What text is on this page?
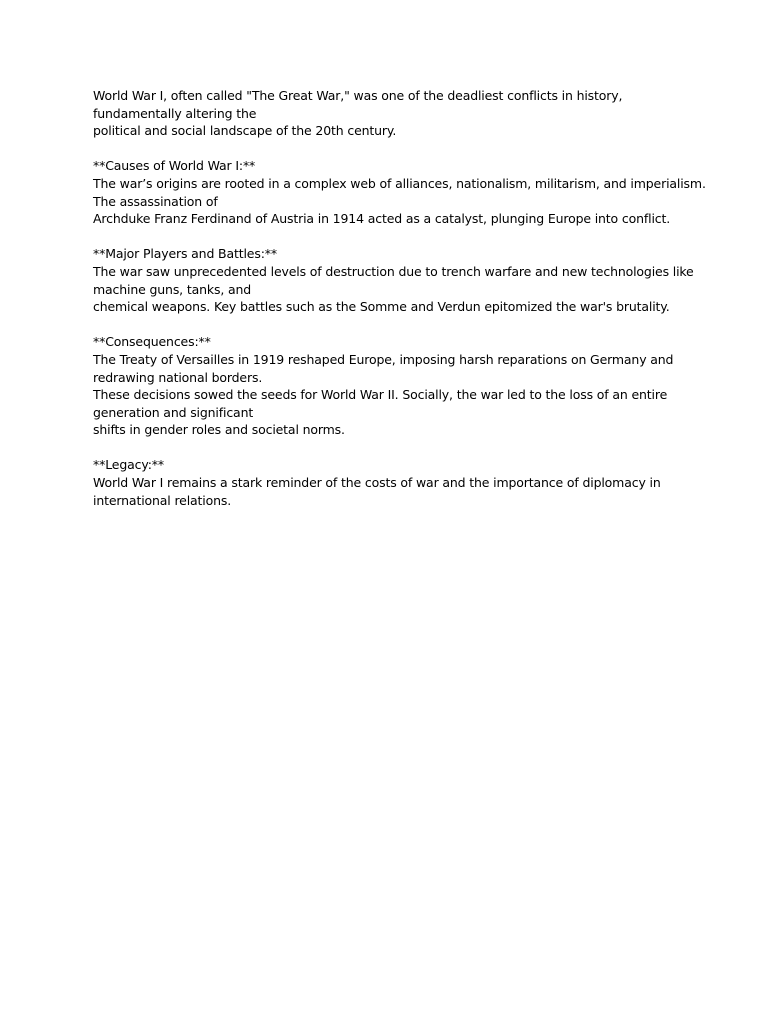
World War I, often called "The Great War," was one of the deadliest conflicts in history,
fundamentally altering the
political and social landscape of the 20th century.
**Causes of World War I:**
The war’s origins are rooted in a complex web of alliances, nationalism, militarism, and imperialism.
The assassination of
Archduke Franz Ferdinand of Austria in 1914 acted as a catalyst, plunging Europe into conflict.
**Major Players and Battles:**
The war saw unprecedented levels of destruction due to trench warfare and new technologies like
machine guns, tanks, and
chemical weapons. Key battles such as the Somme and Verdun epitomized the war's brutality.
**Consequences:**
The Treaty of Versailles in 1919 reshaped Europe, imposing harsh reparations on Germany and
redrawing national borders.
These decisions sowed the seeds for World War II. Socially, the war led to the loss of an entire
generation and significant
shifts in gender roles and societal norms.
**Legacy:**
World War I remains a stark reminder of the costs of war and the importance of diplomacy in
international relations.
